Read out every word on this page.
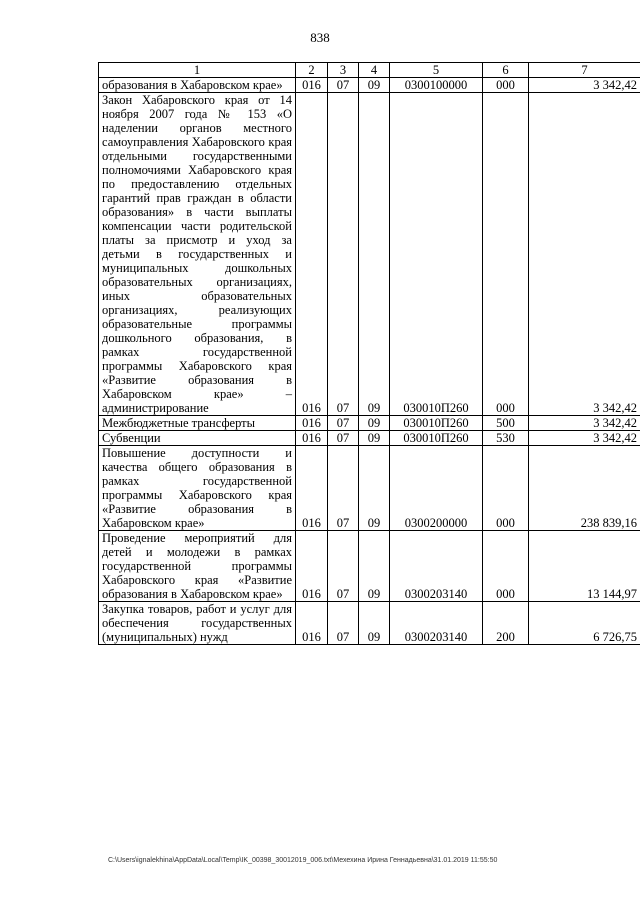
838
1	2	3	4	5	6	7
образования в Хабаровском крае»	016	07	09	0300100000	000	3 342,42
Закон Хабаровского края от 14 ноября 2007 года № 153 «О наделении органов местного самоуправления Хабаровского края отдельными государственными полномочиями Хабаровского края по предоставлению отдельных гарантий прав граждан в области образования» в части выплаты компенсации части родительской платы за присмотр и уход за детьми в государственных и муниципальных дошкольных образовательных организациях, иных образовательных организациях, реализующих образовательные программы дошкольного образования, в рамках государственной программы Хабаровского края «Развитие образования в Хабаровском крае» – администрирование	016	07	09	030010П260	000	3 342,42
Межбюджетные трансферты	016	07	09	030010П260	500	3 342,42
Субвенции	016	07	09	030010П260	530	3 342,42
Повышение доступности и качества общего образования в рамках государственной программы Хабаровского края «Развитие образования в Хабаровском крае»	016	07	09	0300200000	000	238 839,16
Проведение мероприятий для детей и молодежи в рамках государственной программы Хабаровского края «Развитие образования в Хабаровском крае»	016	07	09	0300203140	000	13 144,97
Закупка товаров, работ и услуг для обеспечения государственных (муниципальных) нужд	016	07	09	0300203140	200	6 726,75
C:\Users\ignalekhina\AppData\Local\Temp\IK_00398_30012019_006.txt\Мехехина Ирина Геннадьевна\31.01.2019 11:55:50
